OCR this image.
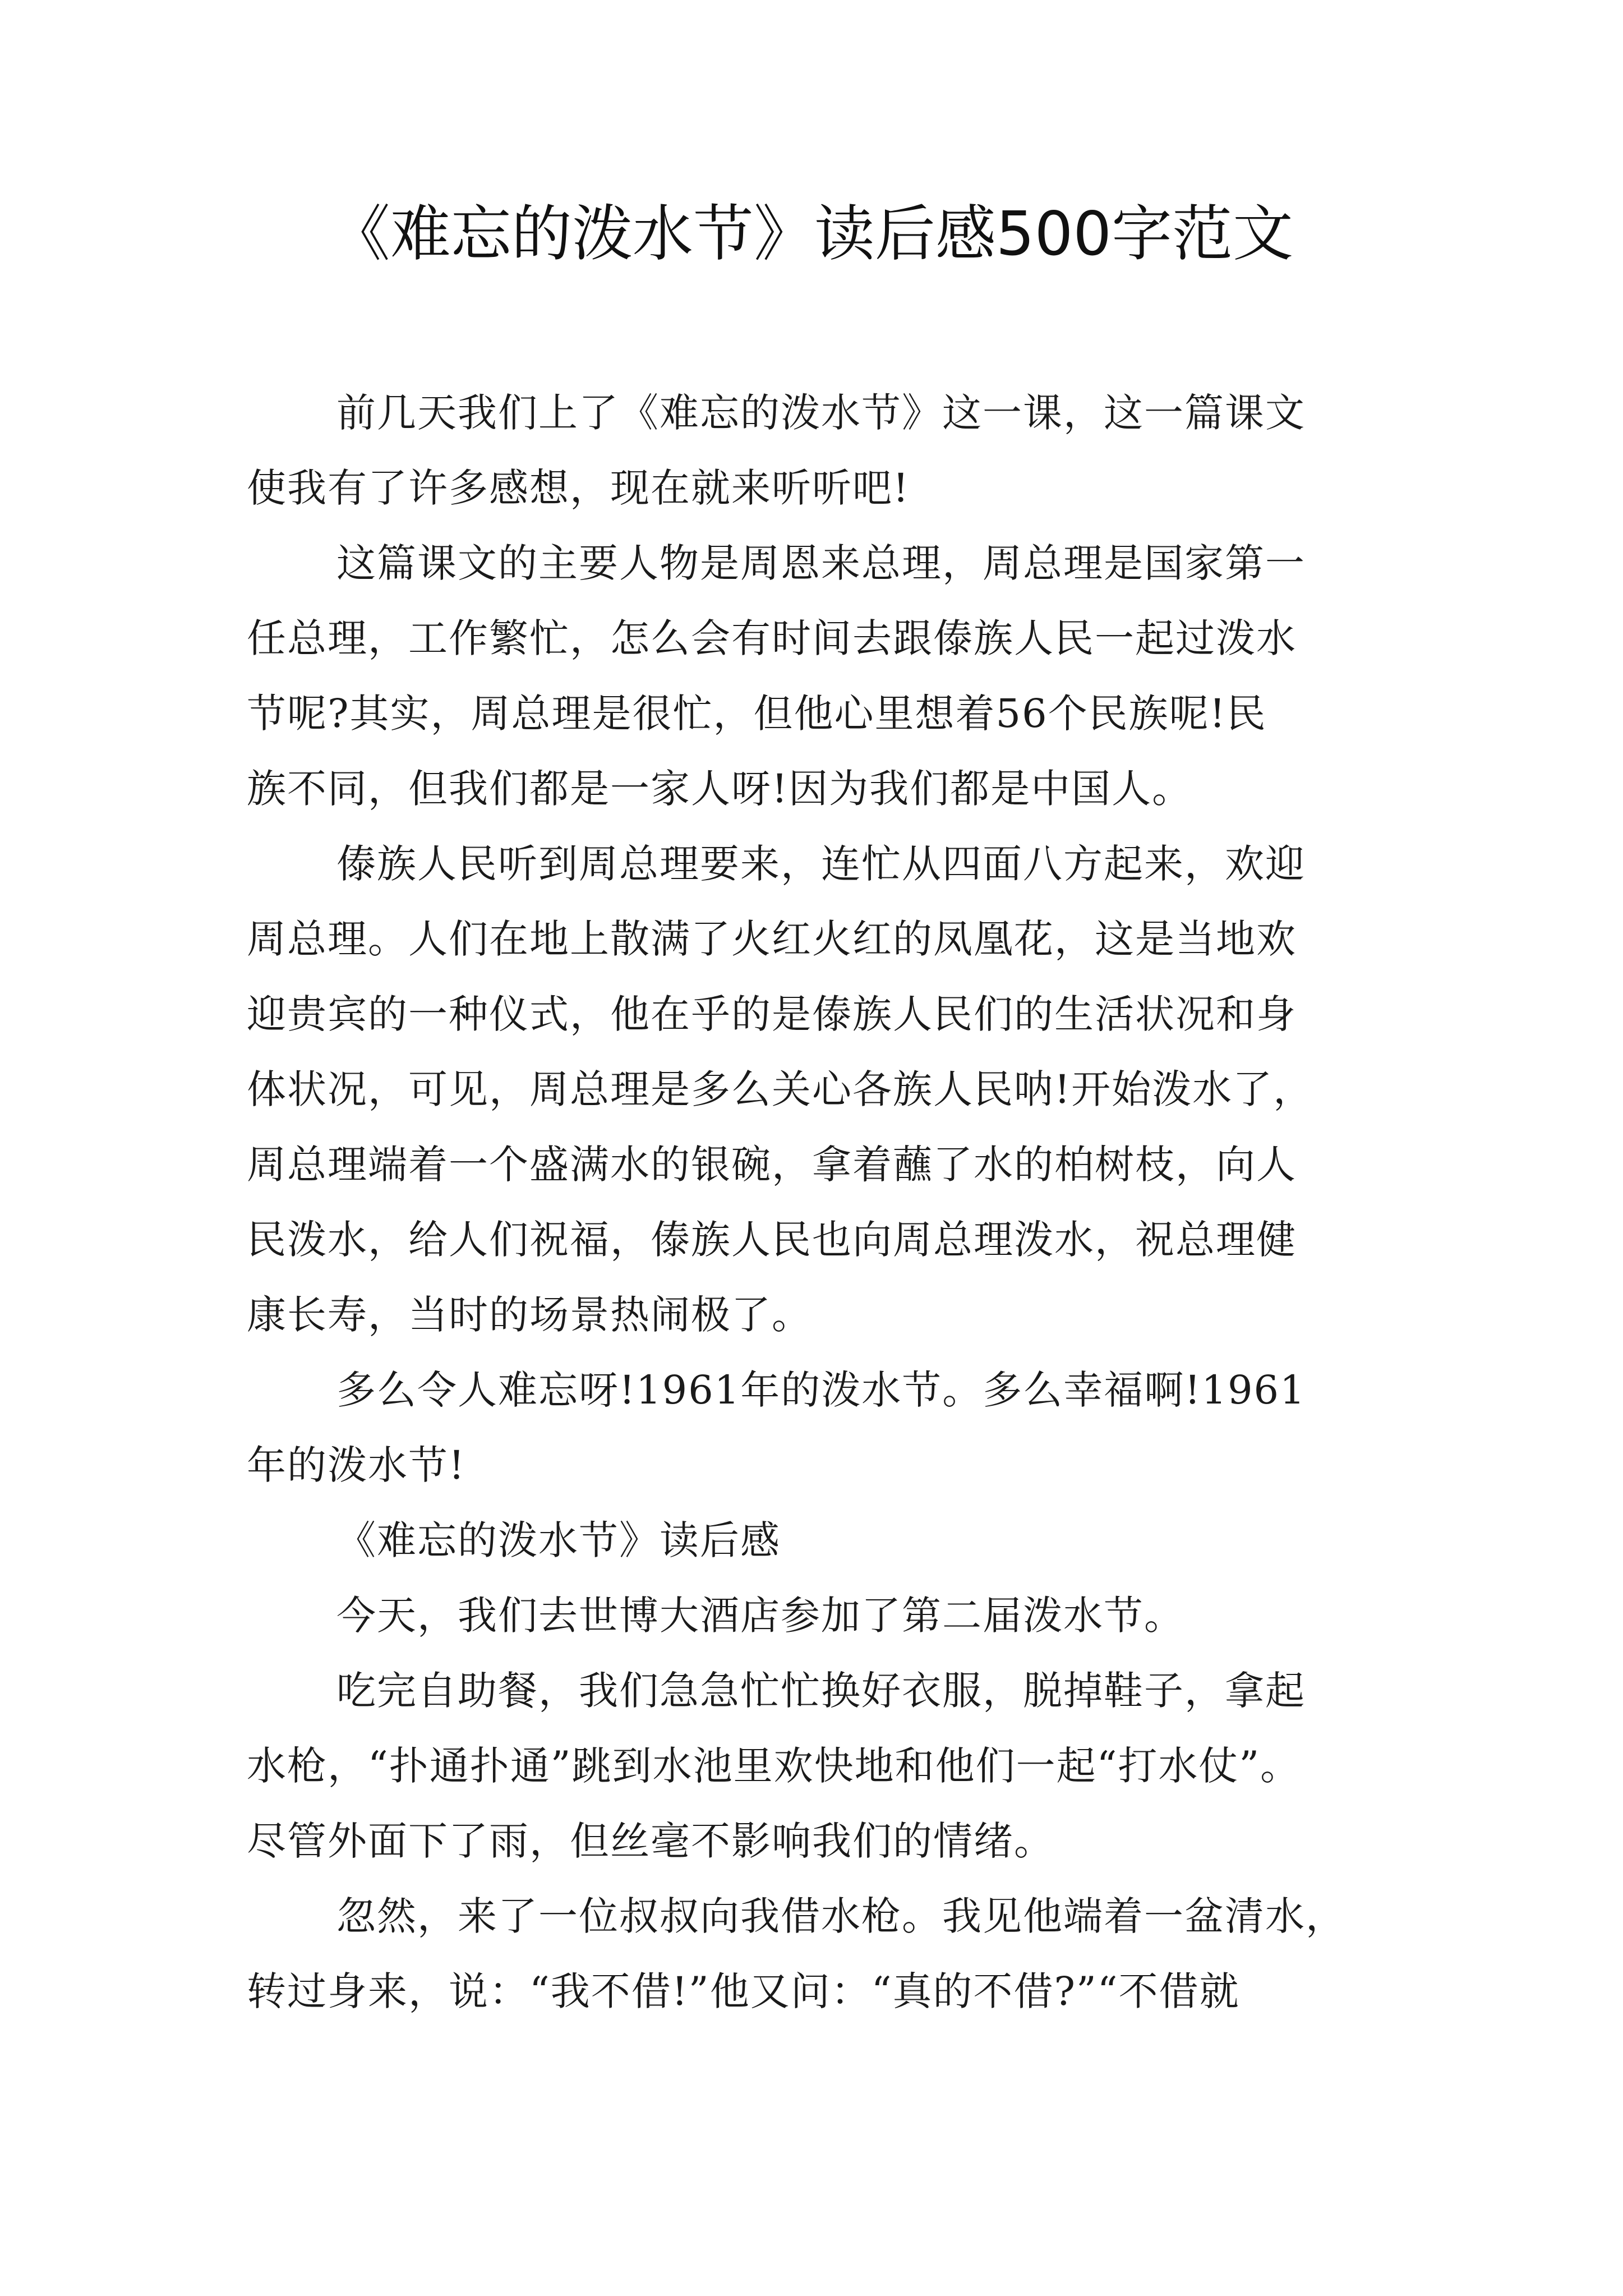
《难忘的泼水节》读后感500字范文
前几天我们上了《难忘的泼水节》这一课，这一篇课文
使我有了许多感想，现在就来听听吧!
这篇课文的主要人物是周恩来总理，周总理是国家第一
任总理，工作繁忙，怎么会有时间去跟傣族人民一起过泼水
节呢?其实，周总理是很忙，但他心里想着56个民族呢!民
族不同，但我们都是一家人呀!因为我们都是中国人。
傣族人民听到周总理要来，连忙从四面八方起来，欢迎
周总理。人们在地上散满了火红火红的凤凰花，这是当地欢
迎贵宾的一种仪式，他在乎的是傣族人民们的生活状况和身
体状况，可见，周总理是多么关心各族人民呐!开始泼水了，
周总理端着一个盛满水的银碗，拿着蘸了水的柏树枝，向人
民泼水，给人们祝福，傣族人民也向周总理泼水，祝总理健
康长寿，当时的场景热闹极了。
多么令人难忘呀!1961年的泼水节。多么幸福啊!1961
年的泼水节!
《难忘的泼水节》读后感
今天，我们去世博大酒店参加了第二届泼水节。
吃完自助餐，我们急急忙忙换好衣服，脱掉鞋子，拿起
水枪，“扑通扑通”跳到水池里欢快地和他们一起“打水仗”。
尽管外面下了雨，但丝毫不影响我们的情绪。
忽然，来了一位叔叔向我借水枪。我见他端着一盆清水，
转过身来，说：“我不借!”他又问：“真的不借?”“不借就
